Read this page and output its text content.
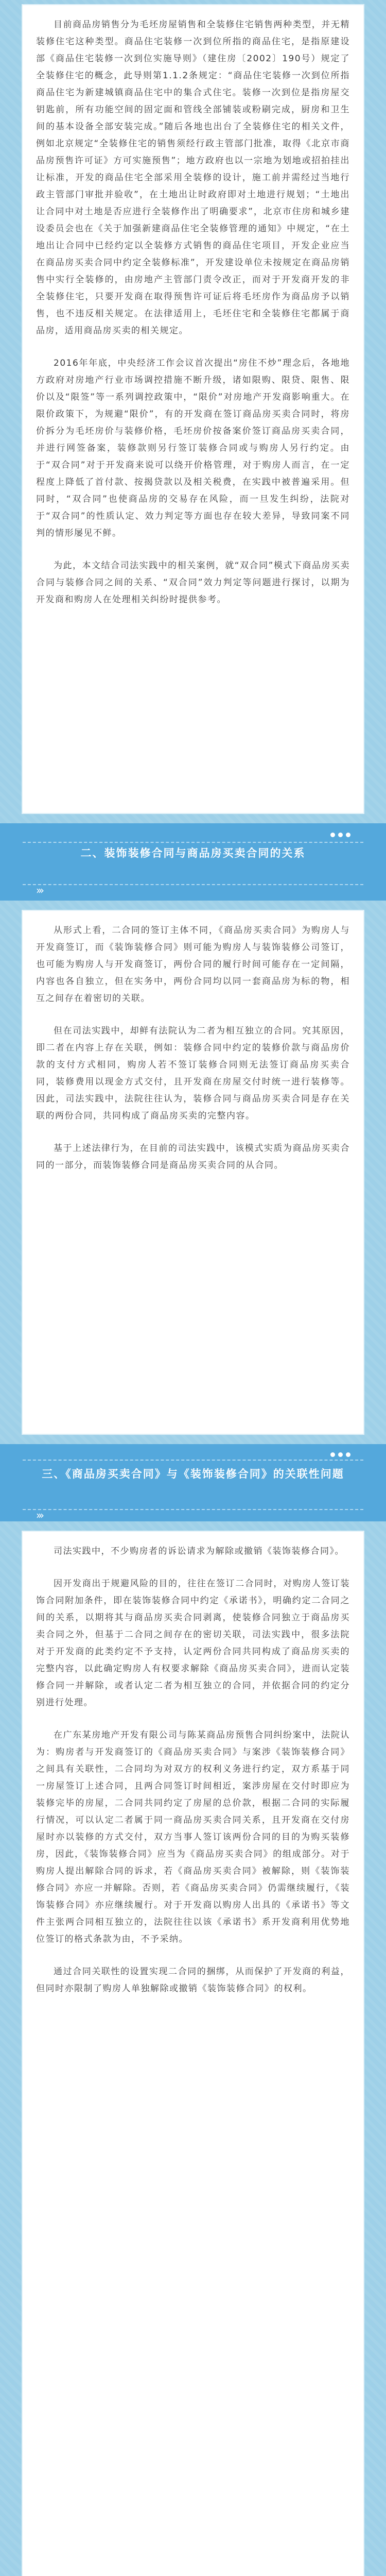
目前商品房销售分为毛坯房屋销售和全装修住宅销售两种类型，并无精装修住宅这种类型。商品住宅装修一次到位所指的商品住宅，是指原建设部《商品住宅装修一次到位实施导则》（建住房〔2002〕190号）规定了全装修住宅的概念，此导则第1.1.2条规定：“商品住宅装修一次到位所指商品住宅为新建城镇商品住宅中的集合式住宅。装修一次到位是指房屋交钥匙前，所有功能空间的固定面和管线全部铺装或粉刷完成，厨房和卫生间的基本设备全部安装完成。”随后各地也出台了全装修住宅的相关文件，例如北京规定“全装修住宅的销售须经行政主管部门批准，取得《北京市商品房预售许可证》方可实施预售”；地方政府也以一宗地为划地或招拍挂出让标准，开发的商品住宅全部采用全装修的设计，施工前并需经过当地行政主管部门审批并验收”，在土地出让时政府即对土地进行规划；“土地出让合同中对土地是否应进行全装修作出了明确要求”，北京市住房和城乡建设委员会也在《关于加强新建商品住宅全装修管理的通知》中规定，“在土地出让合同中已经约定以全装修方式销售的商品住宅项目，开发企业应当在商品房买卖合同中约定全装修标准”，开发建设单位未按规定在商品房销售中实行全装修的，由房地产主管部门责令改正，而对于开发商开发的非全装修住宅，只要开发商在取得预售许可证后将毛坯房作为商品房予以销售，也不违反相关规定。在法律适用上，毛坯住宅和全装修住宅都属于商品房，适用商品房买卖的相关规定。

2016年年底，中央经济工作会议首次提出“房住不炒”理念后，各地地方政府对房地产行业市场调控措施不断升级，诸如限购、限贷、限售、限价以及“限签”等一系列调控政策中，“限价”对房地产开发商影响重大。在限价政策下，为规避“限价”，有的开发商在签订商品房买卖合同时，将房价拆分为毛坯房价与装修价格，毛坯房价按备案价签订商品房买卖合同，并进行网签备案，装修款则另行签订装修合同或与购房人另行约定。由于“双合同”对于开发商来说可以绕开价格管理，对于购房人而言，在一定程度上降低了首付款、按揭贷款以及相关税费，在实践中被普遍采用。但同时，“双合同”也使商品房的交易存在风险，而一旦发生纠纷，法院对于“双合同”的性质认定、效力判定等方面也存在较大差异，导致同案不同判的情形屡见不鲜。

为此，本文结合司法实践中的相关案例，就“双合同”模式下商品房买卖合同与装修合同之间的关系、“双合同”效力判定等问题进行探讨，以期为开发商和购房人在处理相关纠纷时提供参考。

二、装饰装修合同与商品房买卖合同的关系
›››

从形式上看，二合同的签订主体不同，《商品房买卖合同》为购房人与开发商签订，而《装饰装修合同》则可能为购房人与装饰装修公司签订，也可能为购房人与开发商签订，两份合同的履行时间可能存在一定间隔，内容也各自独立，但在实务中，两份合同均以同一套商品房为标的物，相互之间存在着密切的关联。

但在司法实践中，却鲜有法院认为二者为相互独立的合同。究其原因，即二者在内容上存在关联，例如：装修合同中约定的装修价款与商品房价款的支付方式相同，购房人若不签订装修合同则无法签订商品房买卖合同，装修费用以现金方式交付，且开发商在房屋交付时统一进行装修等。因此，司法实践中，法院往往认为，装修合同与商品房买卖合同是存在关联的两份合同，共同构成了商品房买卖的完整内容。

基于上述法律行为，在目前的司法实践中，该模式实质为商品房买卖合同的一部分，而装饰装修合同是商品房买卖合同的从合同。

三、《商品房买卖合同》与《装饰装修合同》的关联性问题
›››

司法实践中，不少购房者的诉讼请求为解除或撤销《装饰装修合同》。

因开发商出于规避风险的目的，往往在签订二合同时，对购房人签订装饰合同附加条件，即在装饰装修合同中约定《承诺书》，明确约定二合同之间的关系，以期将其与商品房买卖合同剥离，使装修合同独立于商品房买卖合同之外，但基于二合同之间存在的密切关联，司法实践中，很多法院对于开发商的此类约定不予支持，认定两份合同共同构成了商品房买卖的完整内容，以此确定购房人有权要求解除《商品房买卖合同》，进而认定装修合同一并解除，或者认定二者为相互独立的合同，并依据合同的约定分别进行处理。

在广东某房地产开发有限公司与陈某商品房预售合同纠纷案中，法院认为：购房者与开发商签订的《商品房买卖合同》与案涉《装饰装修合同》之间具有关联性，二合同均为对双方的权利义务进行约定，双方系基于同一房屋签订上述合同，且两合同签订时间相近，案涉房屋在交付时即应为装修完毕的房屋，二合同共同约定了房屋的总价款，根据二合同的实际履行情况，可以认定二者属于同一商品房买卖合同关系，且开发商在交付房屋时亦以装修的方式交付，双方当事人签订该两份合同的目的为购买装修房，因此，《装饰装修合同》应当为《商品房买卖合同》的组成部分。对于购房人提出解除合同的诉求，若《商品房买卖合同》被解除，则《装饰装修合同》亦应一并解除。否则，若《商品房买卖合同》仍需继续履行，《装饰装修合同》亦应继续履行。对于开发商以购房人出具的《承诺书》等文件主张两合同相互独立的，法院往往以该《承诺书》系开发商利用优势地位签订的格式条款为由，不予采纳。

通过合同关联性的设置实现二合同的捆绑，从而保护了开发商的利益，但同时亦限制了购房人单独解除或撤销《装饰装修合同》的权利。
